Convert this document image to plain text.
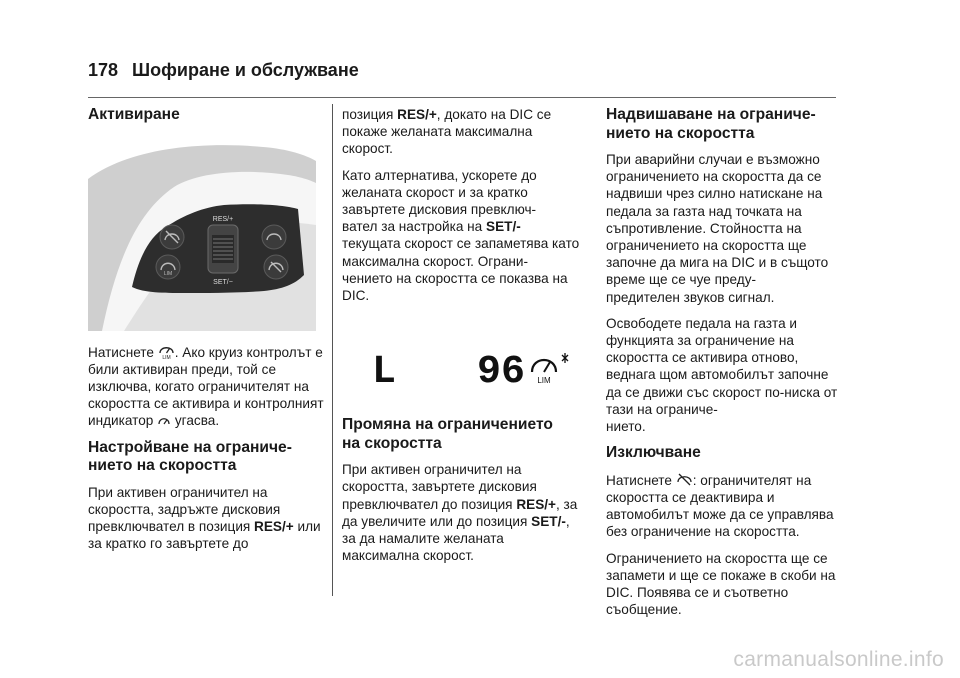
178 Шофиране и обслужване
Активиране
RES/+
SET/−
LIM

Натиснете LIM . Ако круиз контролът е били активиран преди, той се изключва, когато ограничителят на скоростта се активира и контролният индикатор  угасва.

Настройване на ограниче-
нието на скоростта

При активен ограничител на скоростта, задръжте дисковия превключвател в позиция RES/+ или за кратко го завъртете до

позиция RES/+, докато на DIC се покаже желаната максимална скорост.

Като алтернатива, ускорете до желаната скорост и за кратко завъртете дисковия превключ-
вател за настройка на SET/- текущата скорост се запаметява като максимална скорост. Ограни-
чението на скоростта се показва на DIC.

L 96 LIM
Промяна на ограничението
на скоростта

При активен ограничител на скоростта, завъртете дисковия превключвател до позиция RES/+, за да увеличите или до позиция SET/-, за да намалите желаната максимална скорост.

Надвишаване на ограниче-
нието на скоростта

При аварийни случаи е възможно ограничението на скоростта да се надвиши чрез силно натискане на педала за газта над точката на съпротивление. Стойността на ограничението на скоростта ще започне да мига на DIC и в същото време ще се чуе преду-
предителен звуков сигнал.

Освободете педала на газта и функцията за ограничение на скоростта се активира отново, веднага щом автомобилът започне да се движи със скорост по-ниска от тази на ограниче-
нието.

Изключване

Натиснете : ограничителят на скоростта се деактивира и автомобилът може да се управлява без ограничение на скоростта.

Ограничението на скоростта ще се запамети и ще се покаже в скоби на DIC. Появява се и съответно съобщение.

carmanualsonline.info
